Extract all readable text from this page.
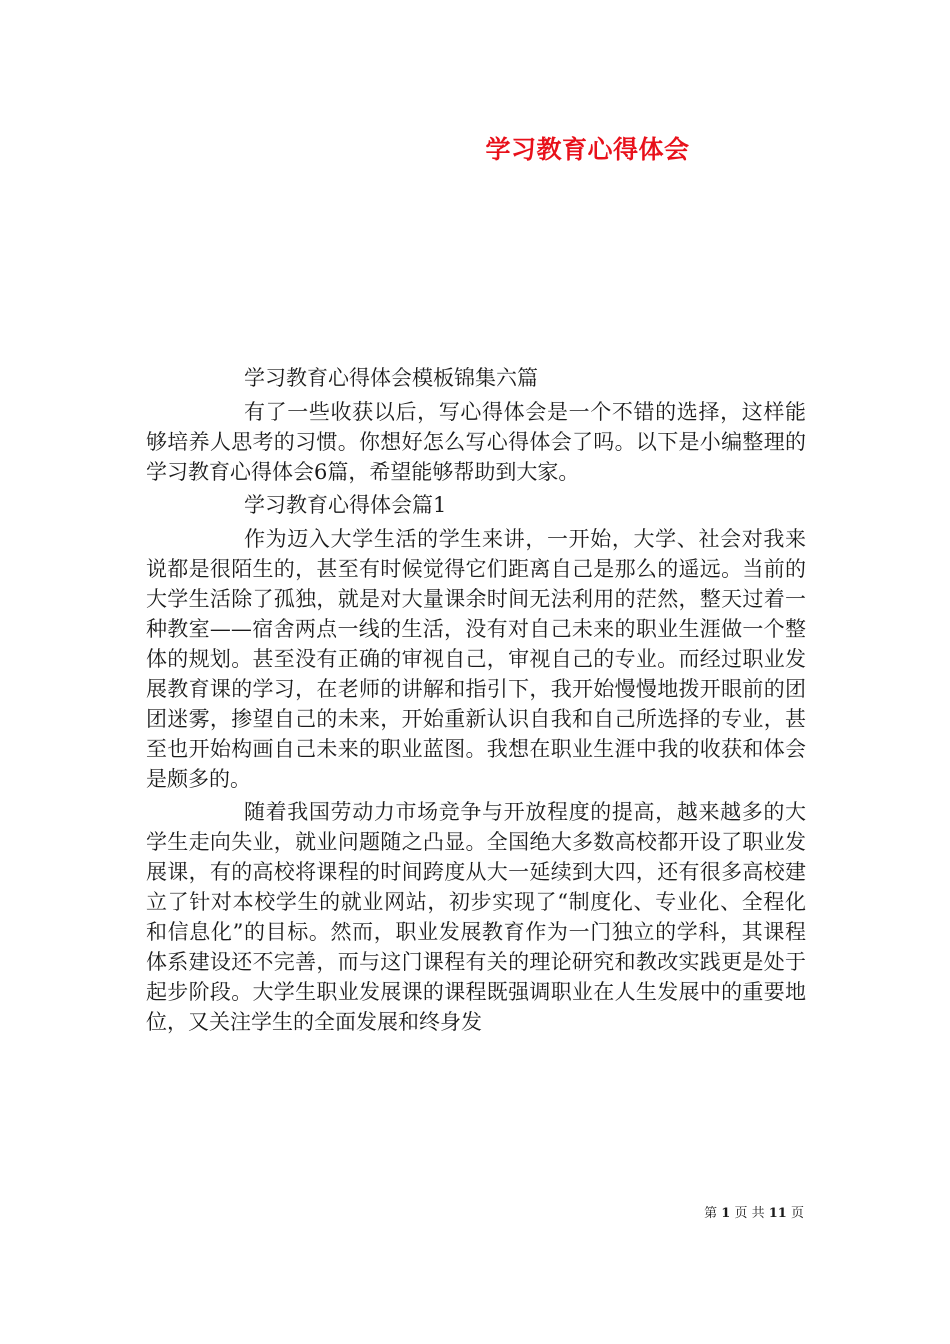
学习教育心得体会

学习教育心得体会模板锦集六篇

有了一些收获以后，写心得体会是一个不错的选择，这样能够培养人思考的习惯。你想好怎么写心得体会了吗。以下是小编整理的学习教育心得体会6篇，希望能够帮助到大家。

学习教育心得体会篇1

作为迈入大学生活的学生来讲，一开始，大学、社会对我来说都是很陌生的，甚至有时候觉得它们距离自己是那么的遥远。当前的大学生活除了孤独，就是对大量课余时间无法利用的茫然，整天过着一种教室——宿舍两点一线的生活，没有对自己未来的职业生涯做一个整体的规划。甚至没有正确的审视自己，审视自己的专业。而经过职业发展教育课的学习，在老师的讲解和指引下，我开始慢慢地拨开眼前的团团迷雾，掺望自己的未来，开始重新认识自我和自己所选择的专业，甚至也开始构画自己未来的职业蓝图。我想在职业生涯中我的收获和体会是颇多的。

随着我国劳动力市场竞争与开放程度的提高，越来越多的大学生走向失业，就业问题随之凸显。全国绝大多数高校都开设了职业发展课，有的高校将课程的时间跨度从大一延续到大四，还有很多高校建立了针对本校学生的就业网站，初步实现了“制度化、专业化、全程化和信息化”的目标。然而，职业发展教育作为一门独立的学科，其课程体系建设还不完善，而与这门课程有关的理论研究和教改实践更是处于起步阶段。大学生职业发展课的课程既强调职业在人生发展中的重要地位，又关注学生的全面发展和终身发

第 1 页 共 11 页
